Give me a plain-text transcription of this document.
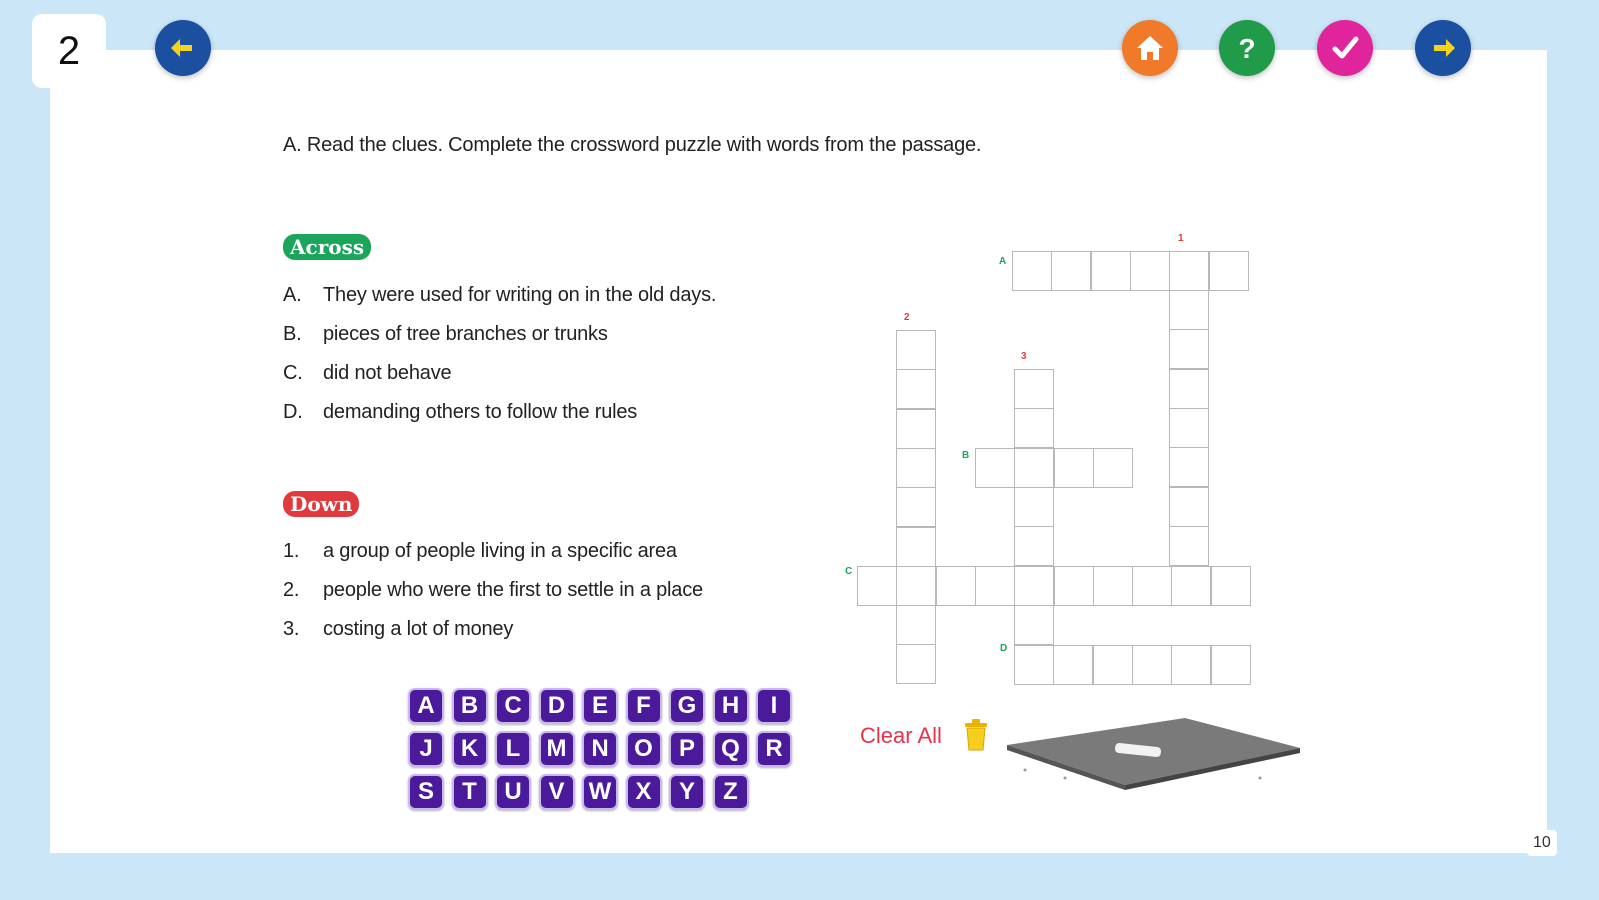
2	?
A. Read the clues. Complete the crossword puzzle with words from the passage.
Across
A. They were used for writing on in the old days.
B. pieces of tree branches or trunks
C. did not behave
D. demanding others to follow the rules
Down
1. a group of people living in a specific area
2. people who were the first to settle in a place
3. costing a lot of money
A
1
2
3
B
C
D
A	B	C	D	E	F	G	H	I
J	K	L	M	N	O	P	Q	R
S	T	U	V	W	X	Y	Z
Clear All
10
